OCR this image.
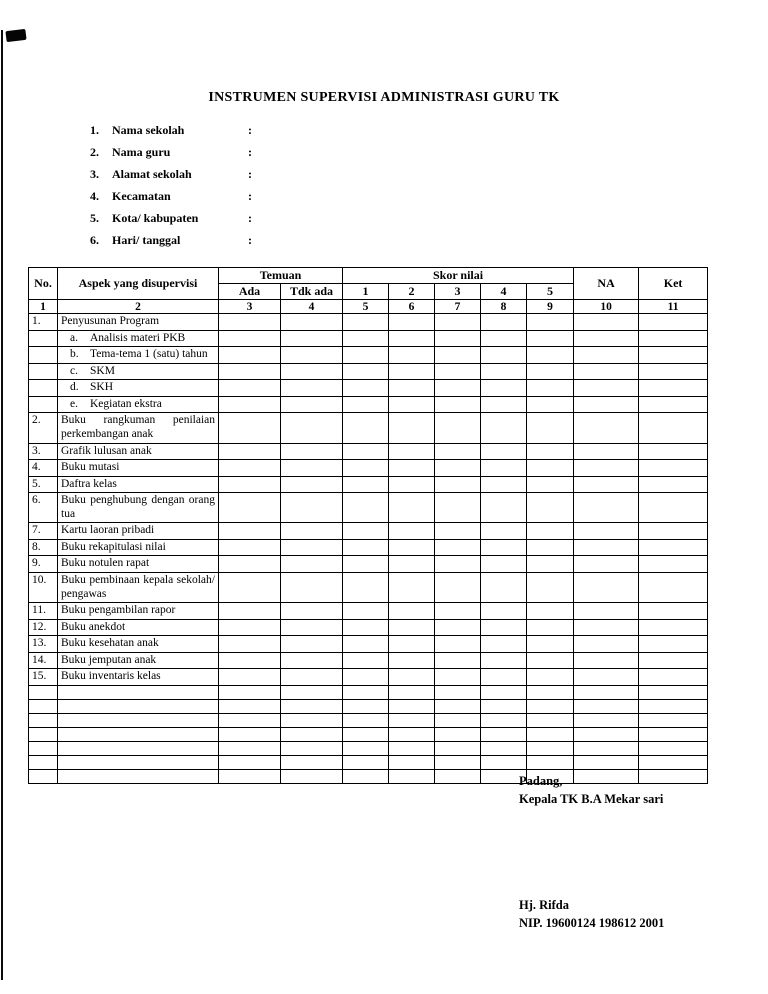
INSTRUMEN SUPERVISI ADMINISTRASI GURU TK
1.	Nama sekolah	:
2.	Nama guru	:
3.	Alamat sekolah	:
4.	Kecamatan	:
5.	Kota/ kabupaten	:
6.	Hari/ tanggal	:
No.	Aspek yang disupervisi	Temuan		Skor nilai					NA	Ket
		Ada	Tdk ada	1	2	3	4	5		
1	2	3	4	5	6	7	8	9	10	11
1.	Penyusunan Program									

	a. Analisis materi PKB									

	b. Tema-tema 1 (satu) tahun									

	c. SKM									

	d. SKH									

	e. Kegiatan ekstra									

2.	Buku rangkuman penilaian perkembangan anak									

3.	Grafik lulusan anak									

4.	Buku mutasi									

5.	Daftra kelas									

6.	Buku penghubung dengan orang tua									

7.	Kartu laoran pribadi									

8.	Buku rekapitulasi nilai									

9.	Buku notulen rapat									

10.	Buku pembinaan kepala sekolah/ pengawas									

11.	Buku pengambilan rapor									

12.	Buku anekdot									

13.	Buku kesehatan anak									

14.	Buku jemputan anak									

15.	Buku inventaris kelas									

Padang,
Kepala TK B.A Mekar sari
Hj. Rifda
NIP. 19600124 198612 2001
